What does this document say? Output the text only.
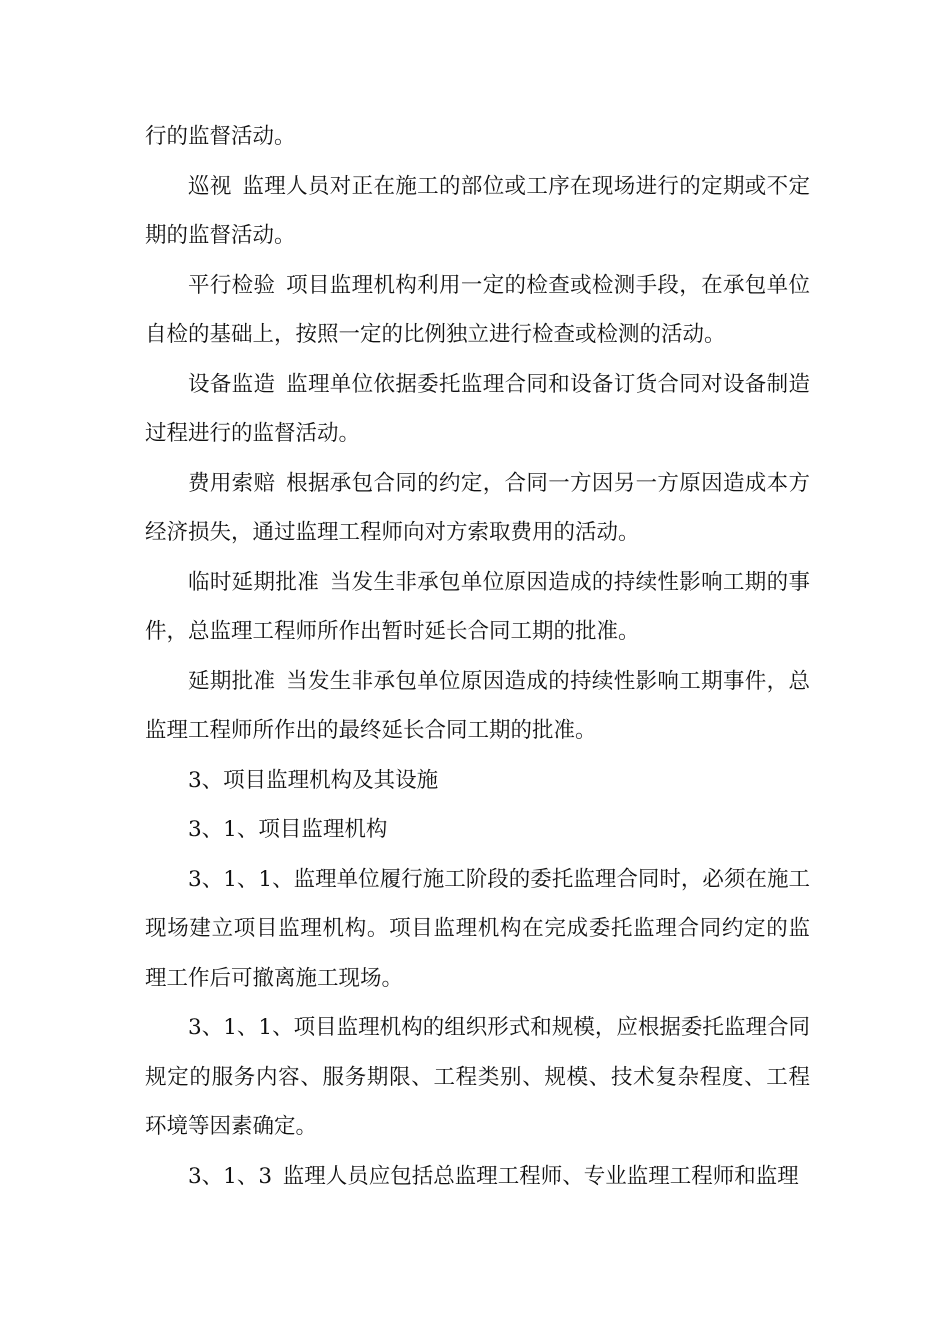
行的监督活动。

巡视 监理人员对正在施工的部位或工序在现场进行的定期或不定期的监督活动。

平行检验 项目监理机构利用一定的检查或检测手段，在承包单位自检的基础上，按照一定的比例独立进行检查或检测的活动。

设备监造 监理单位依据委托监理合同和设备订货合同对设备制造过程进行的监督活动。

费用索赔 根据承包合同的约定，合同一方因另一方原因造成本方经济损失，通过监理工程师向对方索取费用的活动。

临时延期批准 当发生非承包单位原因造成的持续性影响工期的事件，总监理工程师所作出暂时延长合同工期的批准。

延期批准 当发生非承包单位原因造成的持续性影响工期事件，总监理工程师所作出的最终延长合同工期的批准。

3、项目监理机构及其设施

3、1、项目监理机构

3、1、1、监理单位履行施工阶段的委托监理合同时，必须在施工现场建立项目监理机构。项目监理机构在完成委托监理合同约定的监理工作后可撤离施工现场。

3、1、1、项目监理机构的组织形式和规模，应根据委托监理合同规定的服务内容、服务期限、工程类别、规模、技术复杂程度、工程环境等因素确定。

3、1、3 监理人员应包括总监理工程师、专业监理工程师和监理
